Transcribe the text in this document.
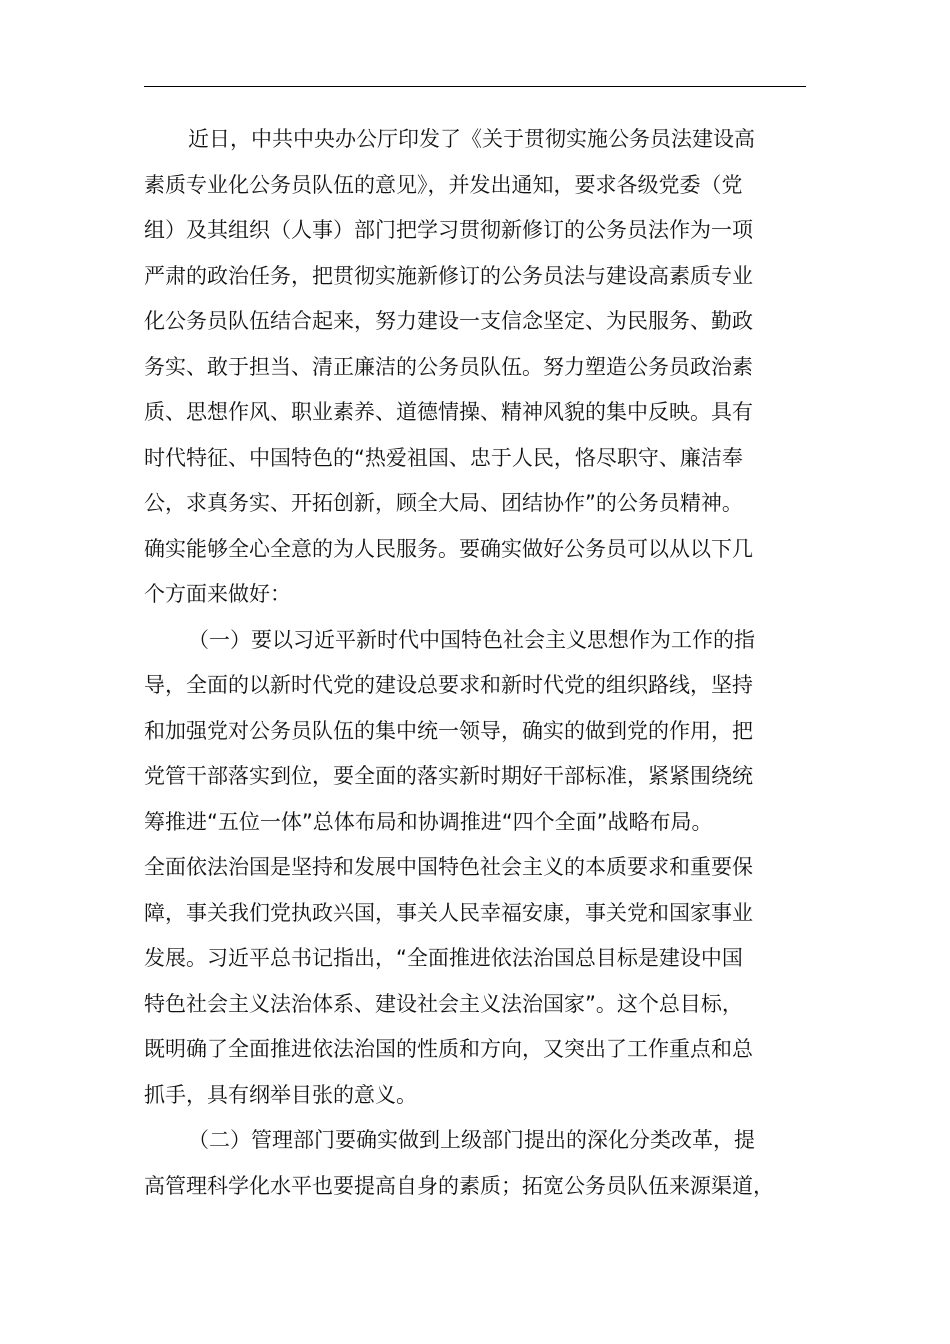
近日，中共中央办公厅印发了《关于贯彻实施公务员法建设高
素质专业化公务员队伍的意见》，并发出通知，要求各级党委（党
组）及其组织（人事）部门把学习贯彻新修订的公务员法作为一项
严肃的政治任务，把贯彻实施新修订的公务员法与建设高素质专业
化公务员队伍结合起来，努力建设一支信念坚定、为民服务、勤政
务实、敢于担当、清正廉洁的公务员队伍。努力塑造公务员政治素
质、思想作风、职业素养、道德情操、精神风貌的集中反映。具有
时代特征、中国特色的“热爱祖国、忠于人民，恪尽职守、廉洁奉
公，求真务实、开拓创新，顾全大局、团结协作”的公务员精神。
确实能够全心全意的为人民服务。要确实做好公务员可以从以下几
个方面来做好：
（一）要以习近平新时代中国特色社会主义思想作为工作的指
导，全面的以新时代党的建设总要求和新时代党的组织路线，坚持
和加强党对公务员队伍的集中统一领导，确实的做到党的作用，把
党管干部落实到位，要全面的落实新时期好干部标准，紧紧围绕统
筹推进“五位一体”总体布局和协调推进“四个全面”战略布局。
全面依法治国是坚持和发展中国特色社会主义的本质要求和重要保
障，事关我们党执政兴国，事关人民幸福安康，事关党和国家事业
发展。习近平总书记指出，“全面推进依法治国总目标是建设中国
特色社会主义法治体系、建设社会主义法治国家”。这个总目标，
既明确了全面推进依法治国的性质和方向，又突出了工作重点和总
抓手，具有纲举目张的意义。
（二）管理部门要确实做到上级部门提出的深化分类改革，提
高管理科学化水平也要提高自身的素质；拓宽公务员队伍来源渠道，
